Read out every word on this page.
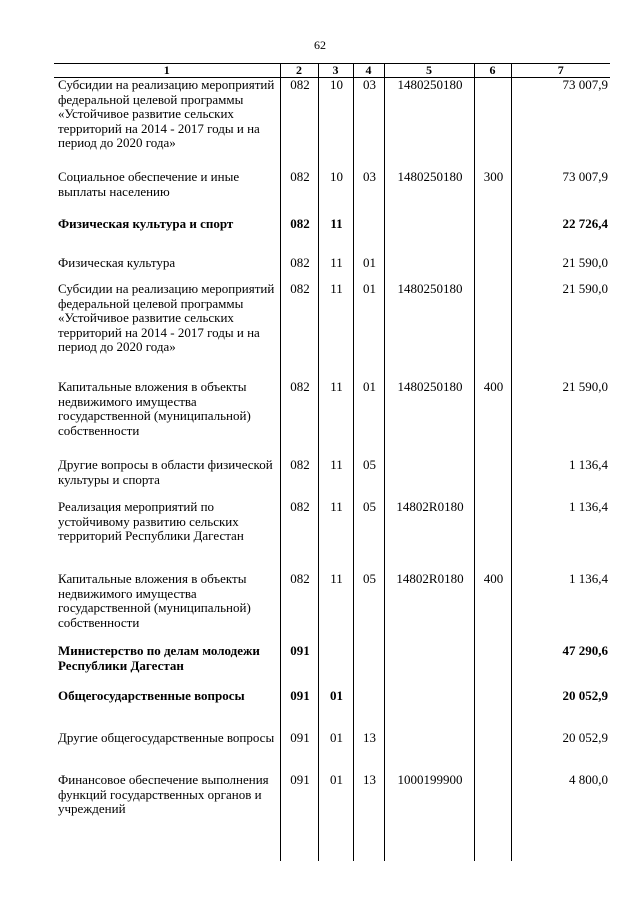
62
1	2	3	4	5	6	7
Субсидии на реализацию мероприятий федеральной целевой программы «Устойчивое развитие сельских территорий на 2014 - 2017 годы и на период до 2020 года»	082	10	03	1480250180		73 007,9
Социальное обеспечение и иные выплаты населению	082	10	03	1480250180	300	73 007,9
Физическая культура и спорт	082	11				22 726,4
Физическая культура	082	11	01			21 590,0
Субсидии на реализацию мероприятий федеральной целевой программы «Устойчивое развитие сельских территорий на 2014 - 2017 годы и на период до 2020 года»	082	11	01	1480250180		21 590,0
Капитальные вложения в объекты недвижимого имущества государственной (муниципальной) собственности	082	11	01	1480250180	400	21 590,0
Другие вопросы в области физической культуры и спорта	082	11	05			1 136,4
Реализация мероприятий по устойчивому развитию сельских территорий Республики Дагестан	082	11	05	14802R0180		1 136,4
Капитальные вложения в объекты недвижимого имущества государственной (муниципальной) собственности	082	11	05	14802R0180	400	1 136,4
Министерство по делам молодежи Республики Дагестан	091					47 290,6
Общегосударственные вопросы	091	01				20 052,9
Другие общегосударственные вопросы	091	01	13			20 052,9
Финансовое обеспечение выполнения функций государственных органов и учреждений	091	01	13	1000199900		4 800,0
